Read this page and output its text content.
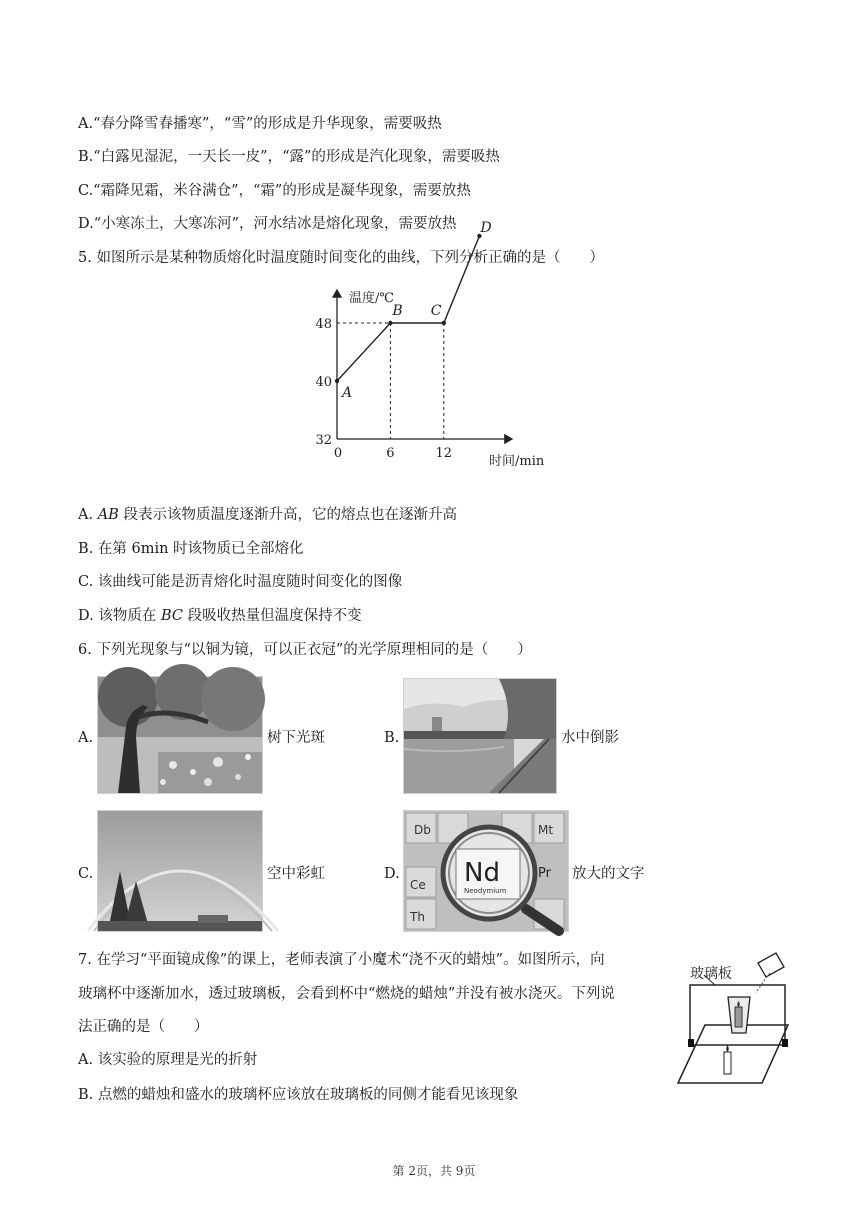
A.“春分降雪春播寒”，“雪”的形成是升华现象，需要吸热
B.“白露见湿泥，一天长一皮”，“露”的形成是汽化现象，需要吸热
C.“霜降见霜，米谷满仓”，“霜”的形成是凝华现象，需要放热
D.“小寒冻土，大寒冻河”，河水结冰是熔化现象，需要放热
5. 如图所示是某种物质熔化时温度随时间变化的曲线，下列分析正确的是（　　）
温度/℃
时间/min
32
40
48
0	6	12
A
B C
D
A. AB 段表示该物质温度逐渐升高，它的熔点也在逐渐升高
B. 在第 6min 时该物质已全部熔化
C. 该曲线可能是沥青熔化时温度随时间变化的图像
D. 该物质在 BC 段吸收热量但温度保持不变
6. 下列光现象与“以铜为镜，可以正衣冠”的光学原理相同的是（　　）
A.	树下光斑	B.	水中倒影
C.	空中彩虹	D.
Db	Mt
Ce
Pr
Th
Nd
Neodymium
放大的文字
7. 在学习“平面镜成像”的课上，老师表演了小魔术“浇不灭的蜡烛”。如图所示，向
玻璃杯中逐渐加水，透过玻璃板，会看到杯中“燃烧的蜡烛”并没有被水浇灭。下列说
法正确的是（　　）
A. 该实验的原理是光的折射
B. 点燃的蜡烛和盛水的玻璃杯应该放在玻璃板的同侧才能看见该现象
玻璃板
第 2页，共 9页
